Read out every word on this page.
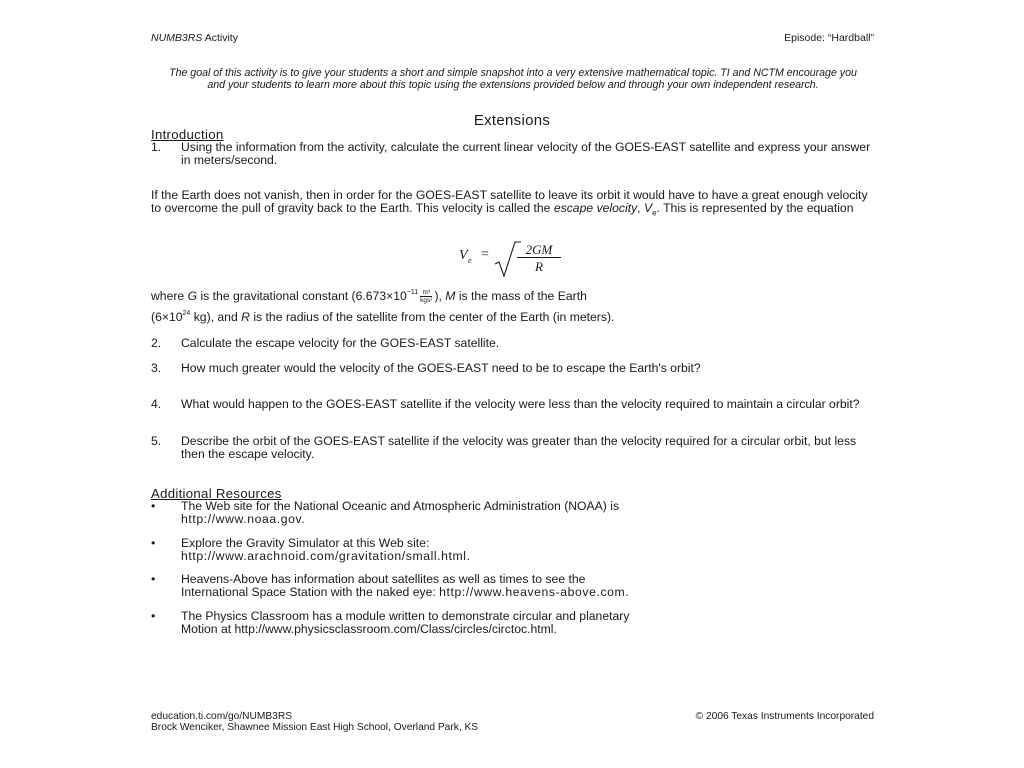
NUMB3RS Activity	Episode: “Hardball”
The goal of this activity is to give your students a short and simple snapshot into a very extensive mathematical topic. TI and NCTM encourage you and your students to learn more about this topic using the extensions provided below and through your own independent research.
Extensions
Introduction
1. Using the information from the activity, calculate the current linear velocity of the GOES-EAST satellite and express your answer in meters/second.
If the Earth does not vanish, then in order for the GOES-EAST satellite to leave its orbit it would have to have a great enough velocity to overcome the pull of gravity back to the Earth. This velocity is called the escape velocity, $V_e$. This is represented by the equation
V e =	2GM
R
where G is the gravitational constant ($6.673\times 10^{-11} \frac{\text{m³}}{\text{kgs²}}$ ), M is the mass of the Earth
($6\times 10^{24}$ kg), and R is the radius of the satellite from the center of the Earth (in meters).
2. Calculate the escape velocity for the GOES-EAST satellite.
3. How much greater would the velocity of the GOES-EAST need to be to escape the Earth's orbit?
4. What would happen to the GOES-EAST satellite if the velocity were less than the velocity required to maintain a circular orbit?
5. Describe the orbit of the GOES-EAST satellite if the velocity was greater than the velocity required for a circular orbit, but less then the escape velocity.
Additional Resources
• The Web site for the National Oceanic and Atmospheric Administration (NOAA) is
http://www.noaa.gov.
• Explore the Gravity Simulator at this Web site:
http://www.arachnoid.com/gravitation/small.html.
• Heavens-Above has information about satellites as well as times to see the
International Space Station with the naked eye: http://www.heavens-above.com.
• The Physics Classroom has a module written to demonstrate circular and planetary
Motion at http://www.physicsclassroom.com/Class/circles/circtoc.html.
education.ti.com/go/NUMB3RS	© 2006 Texas Instruments Incorporated
Brock Wenciker, Shawnee Mission East High School, Overland Park, KS
